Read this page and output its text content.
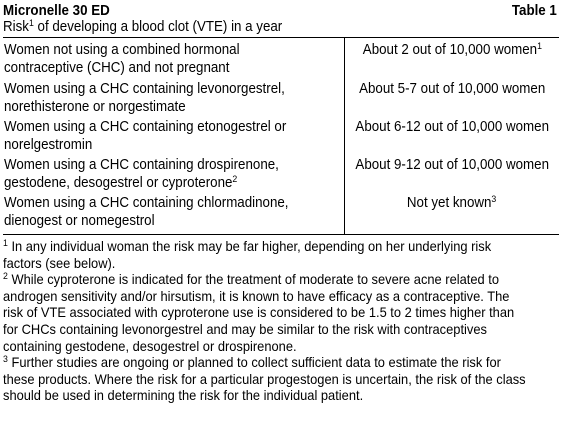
Micronelle 30 ED	Table 1
Risk$^1$ of developing a blood clot (VTE) in a year
Women not using a combined hormonal
contraceptive (CHC) and not pregnant	About 2 out of 10,000 women$^1$
Women using a CHC containing levonorgestrel,
norethisterone or norgestimate	About 5-7 out of 10,000 women
Women using a CHC containing etonogestrel or
norelgestromin	About 6-12 out of 10,000 women
Women using a CHC containing drospirenone,
gestodene, desogestrel or cyproterone$^2$	About 9-12 out of 10,000 women
Women using a CHC containing chlormadinone,
dienogest or nomegestrol	Not yet known$^3$
$^1$ In any individual woman the risk may be far higher, depending on her underlying risk
factors (see below).
$^2$ While cyproterone is indicated for the treatment of moderate to severe acne related to
androgen sensitivity and/or hirsutism, it is known to have efficacy as a contraceptive. The
risk of VTE associated with cyproterone use is considered to be 1.5 to 2 times higher than
for CHCs containing levonorgestrel and may be similar to the risk with contraceptives
containing gestodene, desogestrel or drospirenone.
$^3$ Further studies are ongoing or planned to collect sufficient data to estimate the risk for
these products. Where the risk for a particular progestogen is uncertain, the risk of the class
should be used in determining the risk for the individual patient.
